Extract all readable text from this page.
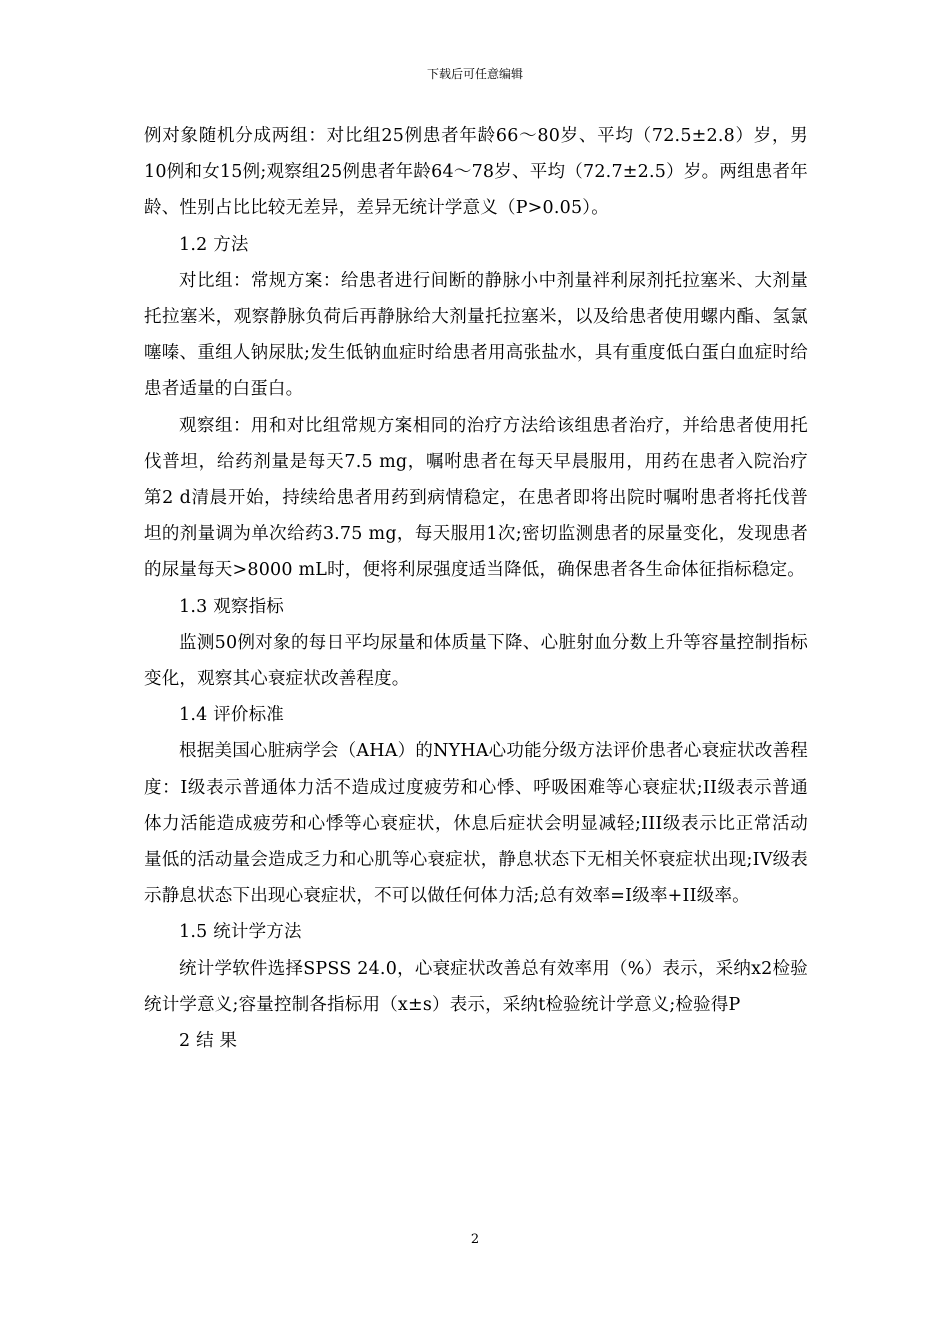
下载后可任意编辑

例对象随机分成两组：对比组25例患者年龄66～80岁、平均（72.5±2.8）岁，男10例和女15例;观察组25例患者年龄64～78岁、平均（72.7±2.5）岁。两组患者年龄、性别占比比较无差异，差异无统计学意义（P>0.05）。

1.2 方法

对比组：常规方案：给患者进行间断的静脉小中剂量袢利尿剂托拉塞米、大剂量托拉塞米，观察静脉负荷后再静脉给大剂量托拉塞米，以及给患者使用螺内酯、氢氯噻嗪、重组人钠尿肽;发生低钠血症时给患者用高张盐水，具有重度低白蛋白血症时给患者适量的白蛋白。

观察组：用和对比组常规方案相同的治疗方法给该组患者治疗，并给患者使用托伐普坦，给药剂量是每天7.5 mg，嘱咐患者在每天早晨服用，用药在患者入院治疗第2 d清晨开始，持续给患者用药到病情稳定，在患者即将出院时嘱咐患者将托伐普坦的剂量调为单次给药3.75 mg，每天服用1次;密切监测患者的尿量变化，发现患者的尿量每天>8000 mL时，便将利尿强度适当降低，确保患者各生命体征指标稳定。

1.3 观察指标

监测50例对象的每日平均尿量和体质量下降、心脏射血分数上升等容量控制指标变化，观察其心衰症状改善程度。

1.4 评价标准

根据美国心脏病学会（AHA）的NYHA心功能分级方法评价患者心衰症状改善程度：I级表示普通体力活不造成过度疲劳和心悸、呼吸困难等心衰症状;II级表示普通体力活能造成疲劳和心悸等心衰症状，休息后症状会明显减轻;III级表示比正常活动量低的活动量会造成乏力和心肌等心衰症状，静息状态下无相关怀衰症状出现;IV级表示静息状态下出现心衰症状，不可以做任何体力活;总有效率=I级率+II级率。

1.5 统计学方法

统计学软件选择SPSS 24.0，心衰症状改善总有效率用（%）表示，采纳x2检验统计学意义;容量控制各指标用（x±s）表示，采纳t检验统计学意义;检验得P

2 结 果

2
